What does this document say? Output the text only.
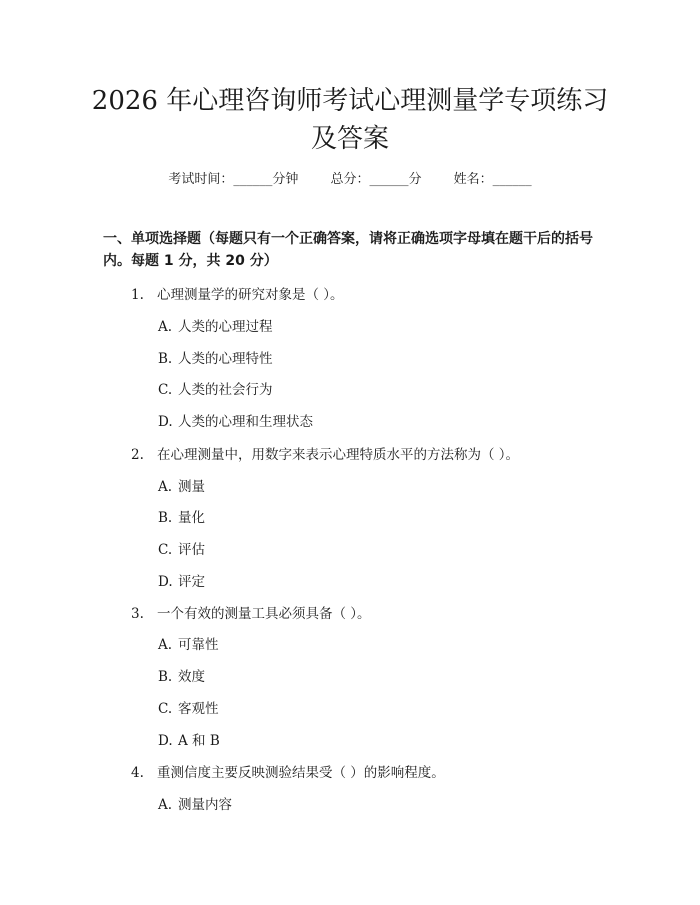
2026 年心理咨询师考试心理测量学专项练习
及答案
考试时间：______分钟 总分：______分 姓名：______
一、单项选择题（每题只有一个正确答案，请将正确选项字母填在题干后的括号内。每题 1 分，共 20 分）
1. 心理测量学的研究对象是（ ）。
A. 人类的心理过程
B. 人类的心理特性
C. 人类的社会行为
D. 人类的心理和生理状态
2. 在心理测量中，用数字来表示心理特质水平的方法称为（ ）。
A. 测量
B. 量化
C. 评估
D. 评定
3. 一个有效的测量工具必须具备（ ）。
A. 可靠性
B. 效度
C. 客观性
D. A 和 B
4. 重测信度主要反映测验结果受（ ）的影响程度。
A. 测量内容
